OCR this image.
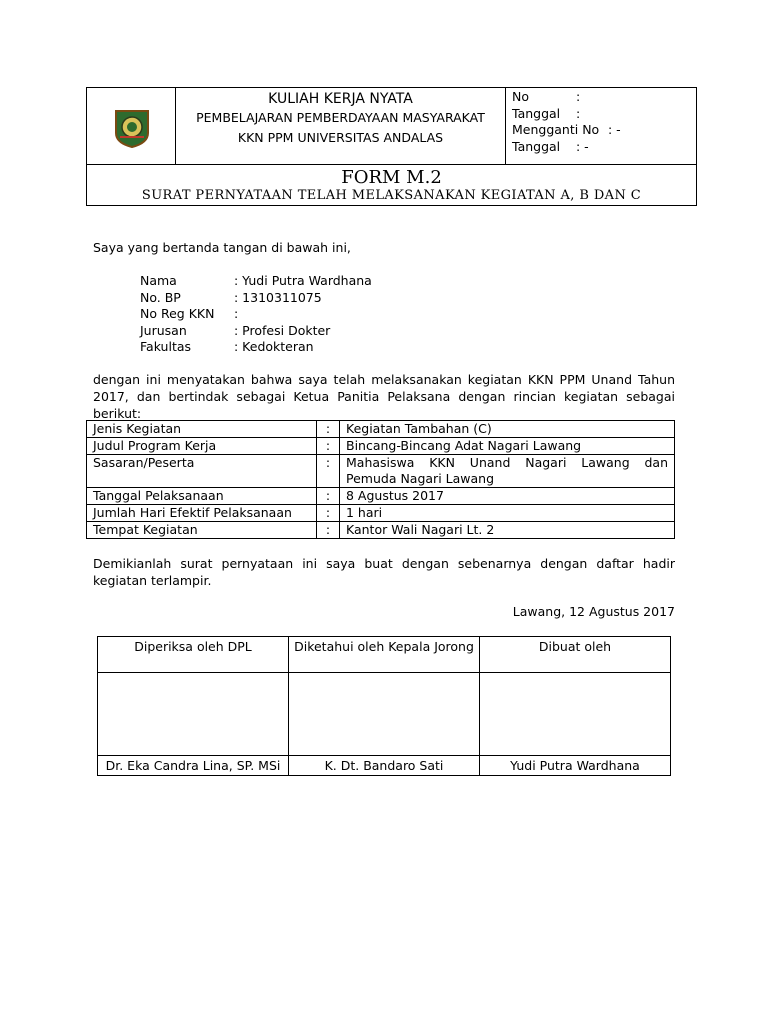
KULIAH KERJA NYATA
PEMBELAJARAN PEMBERDAYAAN MASYARAKAT
KKN PPM UNIVERSITAS ANDALAS
No	:
Tanggal	:
Mengganti No : -
Tanggal	: -
FORM M.2
SURAT PERNYATAAN TELAH MELAKSANAKAN KEGIATAN A, B DAN C
Saya yang bertanda tangan di bawah ini,
Nama	: Yudi Putra Wardhana
No. BP	: 1310311075
No Reg KKN	:
Jurusan	: Profesi Dokter
Fakultas	: Kedokteran
dengan ini menyatakan bahwa saya telah melaksanakan kegiatan KKN PPM Unand Tahun 2017, dan bertindak sebagai Ketua Panitia Pelaksana dengan rincian kegiatan sebagai berikut:
Jenis Kegiatan	:	Kegiatan Tambahan (C)
Judul Program Kerja	:	Bincang-Bincang Adat Nagari Lawang
Sasaran/Peserta	:	Mahasiswa KKN Unand Nagari Lawang dan Pemuda Nagari Lawang
Tanggal Pelaksanaan	:	8 Agustus 2017
Jumlah Hari Efektif Pelaksanaan	:	1 hari
Tempat Kegiatan	:	Kantor Wali Nagari Lt. 2
Demikianlah surat pernyataan ini saya buat dengan sebenarnya dengan daftar hadir kegiatan terlampir.
Lawang, 12 Agustus 2017
Diperiksa oleh DPL	Diketahui oleh Kepala Jorong	Dibuat oleh

Dr. Eka Candra Lina, SP. MSi	K. Dt. Bandaro Sati	Yudi Putra Wardhana
